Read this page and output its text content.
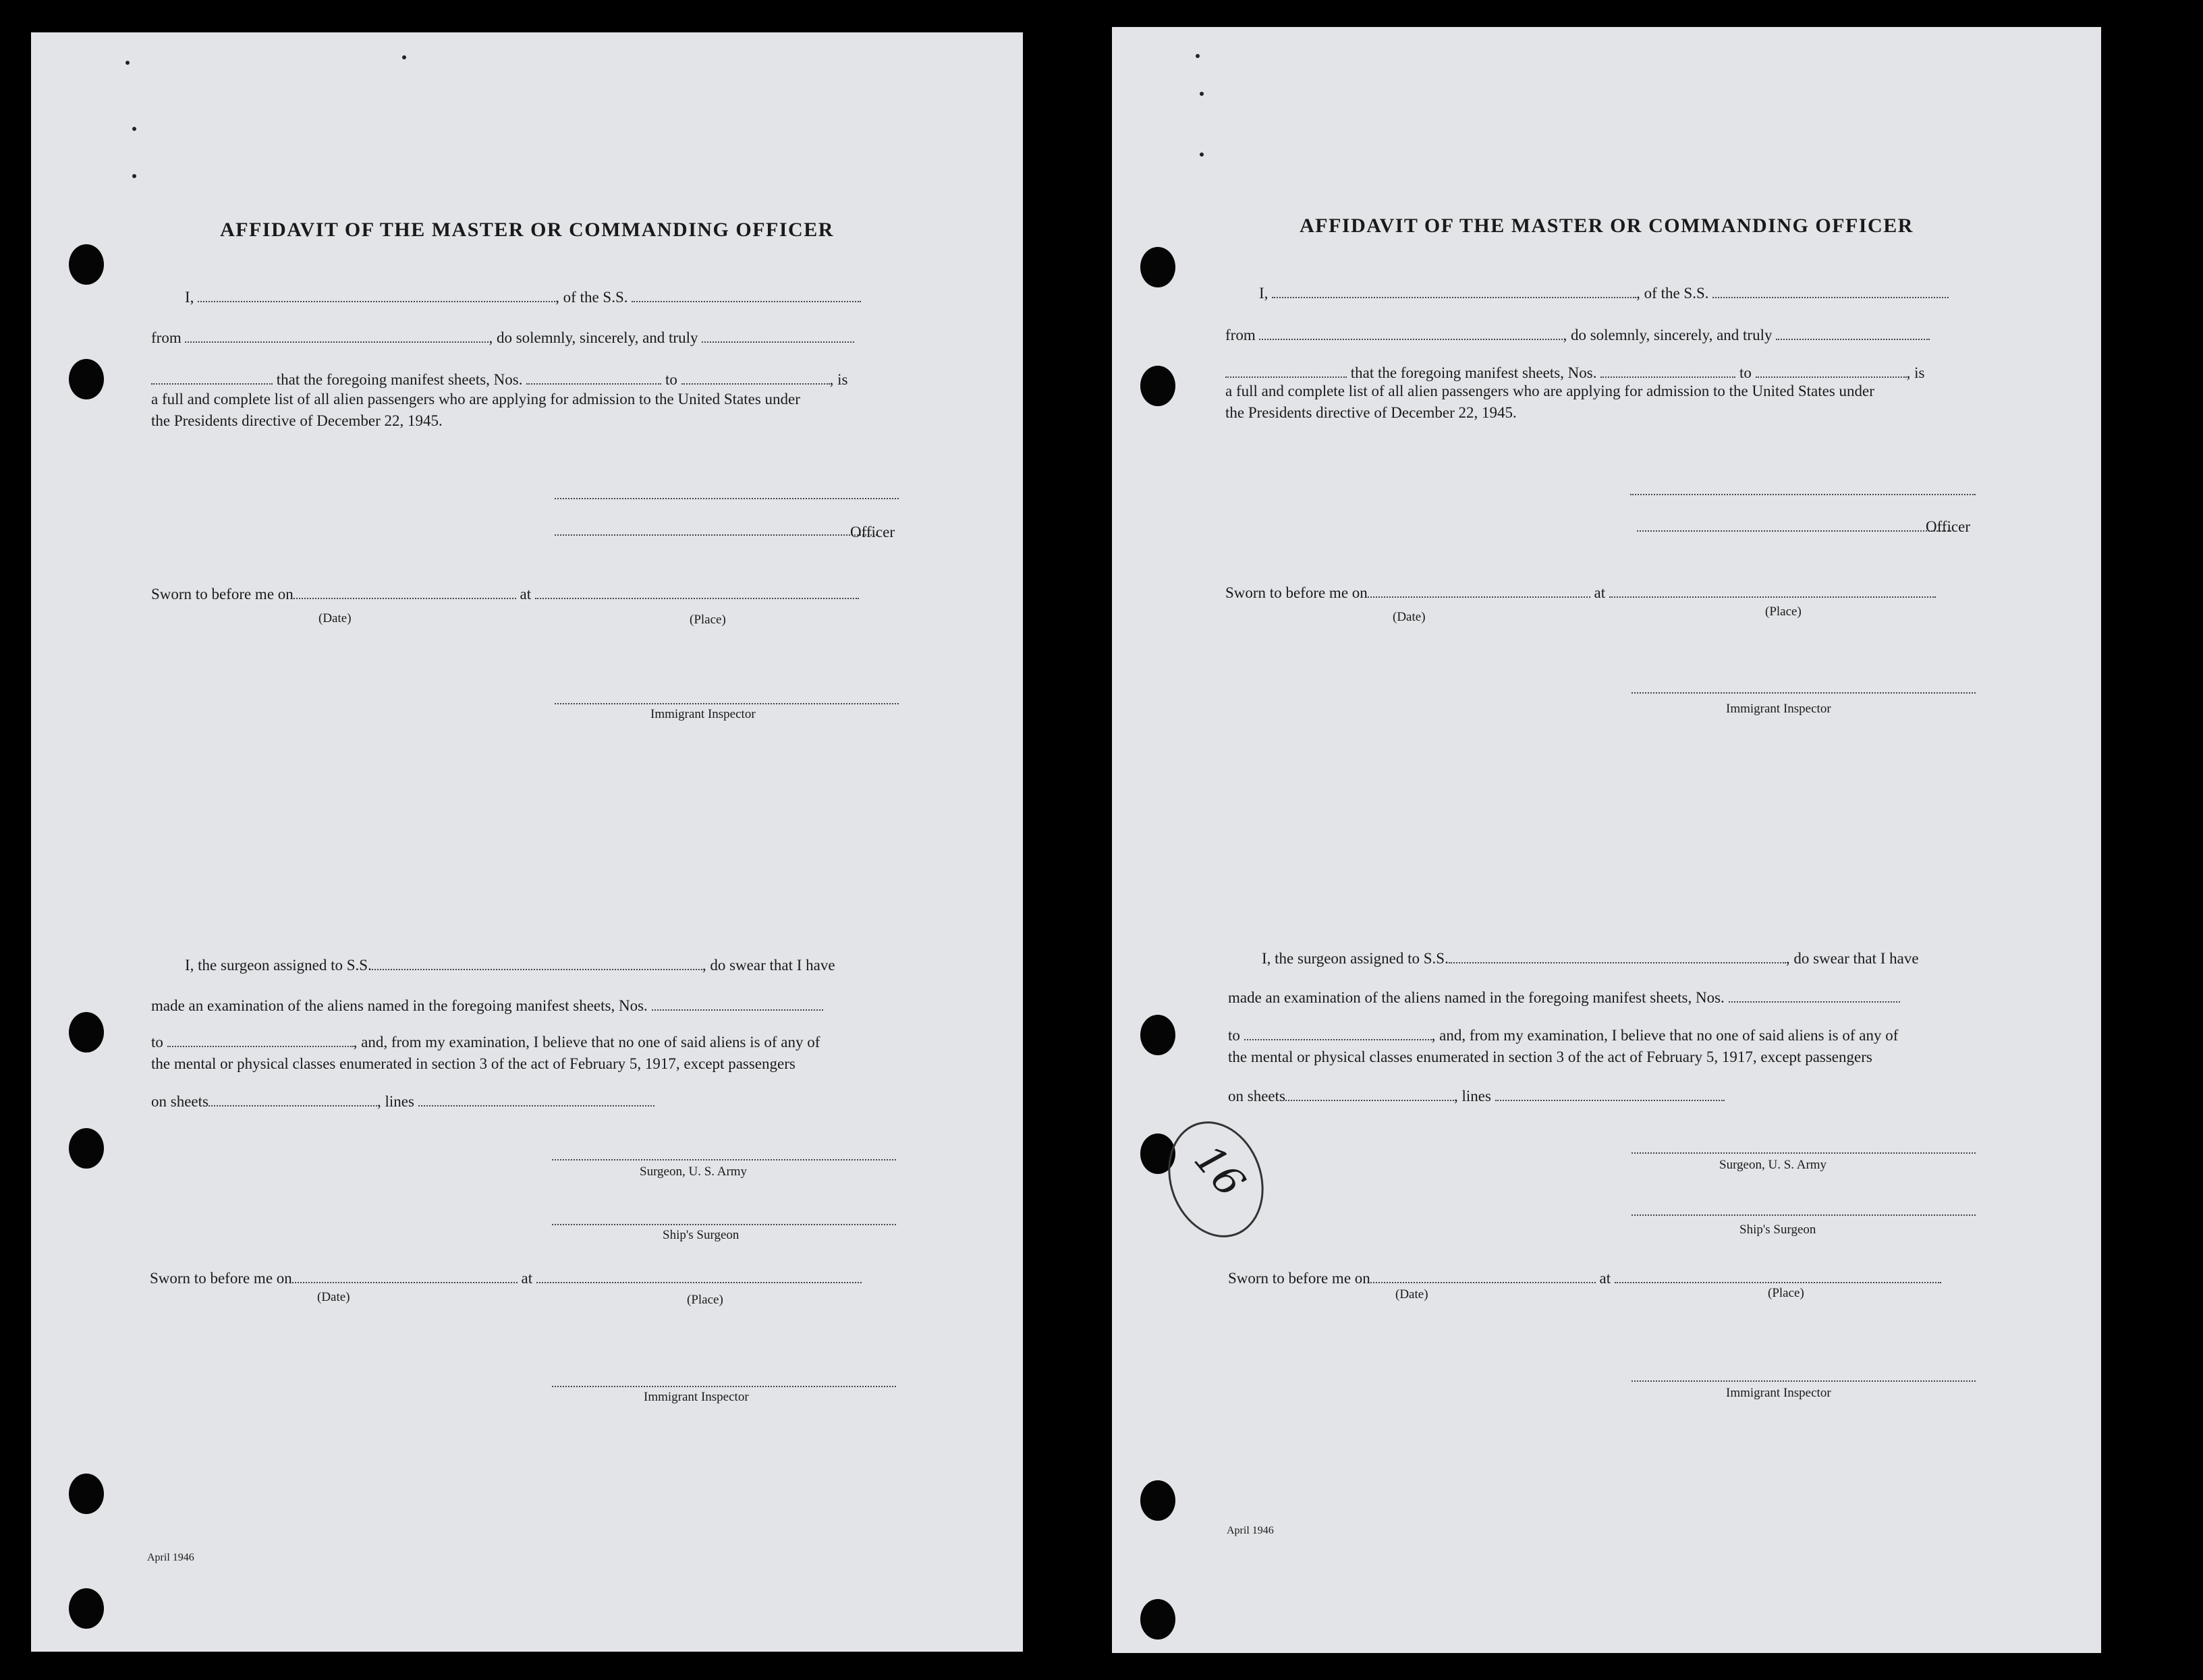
AFFIDAVIT OF THE MASTER OR COMMANDING OFFICER
I,	, of the S.S.
from	, do solemnly, sincerely, and truly
that the foregoing manifest sheets, Nos.	to	, is
a full and complete list of all alien passengers who are applying for admission to the United States under
the Presidents directive of December 22, 1945.
Officer
Sworn to before me on	at
(Date)	(Place)
Immigrant Inspector
I, the surgeon assigned to S.S.	, do swear that I have
made an examination of the aliens named in the foregoing manifest sheets, Nos.
to	, and, from my examination, I believe that no one of said aliens is of any of
the mental or physical classes enumerated in section 3 of the act of February 5, 1917, except passengers
on sheets	, lines
Surgeon, U. S. Army
Ship's Surgeon
Sworn to before me on	at
(Date)	(Place)
Immigrant Inspector
April 1946
AFFIDAVIT OF THE MASTER OR COMMANDING OFFICER
I,	, of the S.S.
from	, do solemnly, sincerely, and truly
that the foregoing manifest sheets, Nos.	to	, is
a full and complete list of all alien passengers who are applying for admission to the United States under
the Presidents directive of December 22, 1945.
Officer
Sworn to before me on	at
(Date)	(Place)
Immigrant Inspector
I, the surgeon assigned to S.S.	, do swear that I have
made an examination of the aliens named in the foregoing manifest sheets, Nos.
to	, and, from my examination, I believe that no one of said aliens is of any of
the mental or physical classes enumerated in section 3 of the act of February 5, 1917, except passengers
on sheets	, lines
Surgeon, U. S. Army
Ship's Surgeon
Sworn to before me on	at
(Date)	(Place)
Immigrant Inspector
16
April 1946
